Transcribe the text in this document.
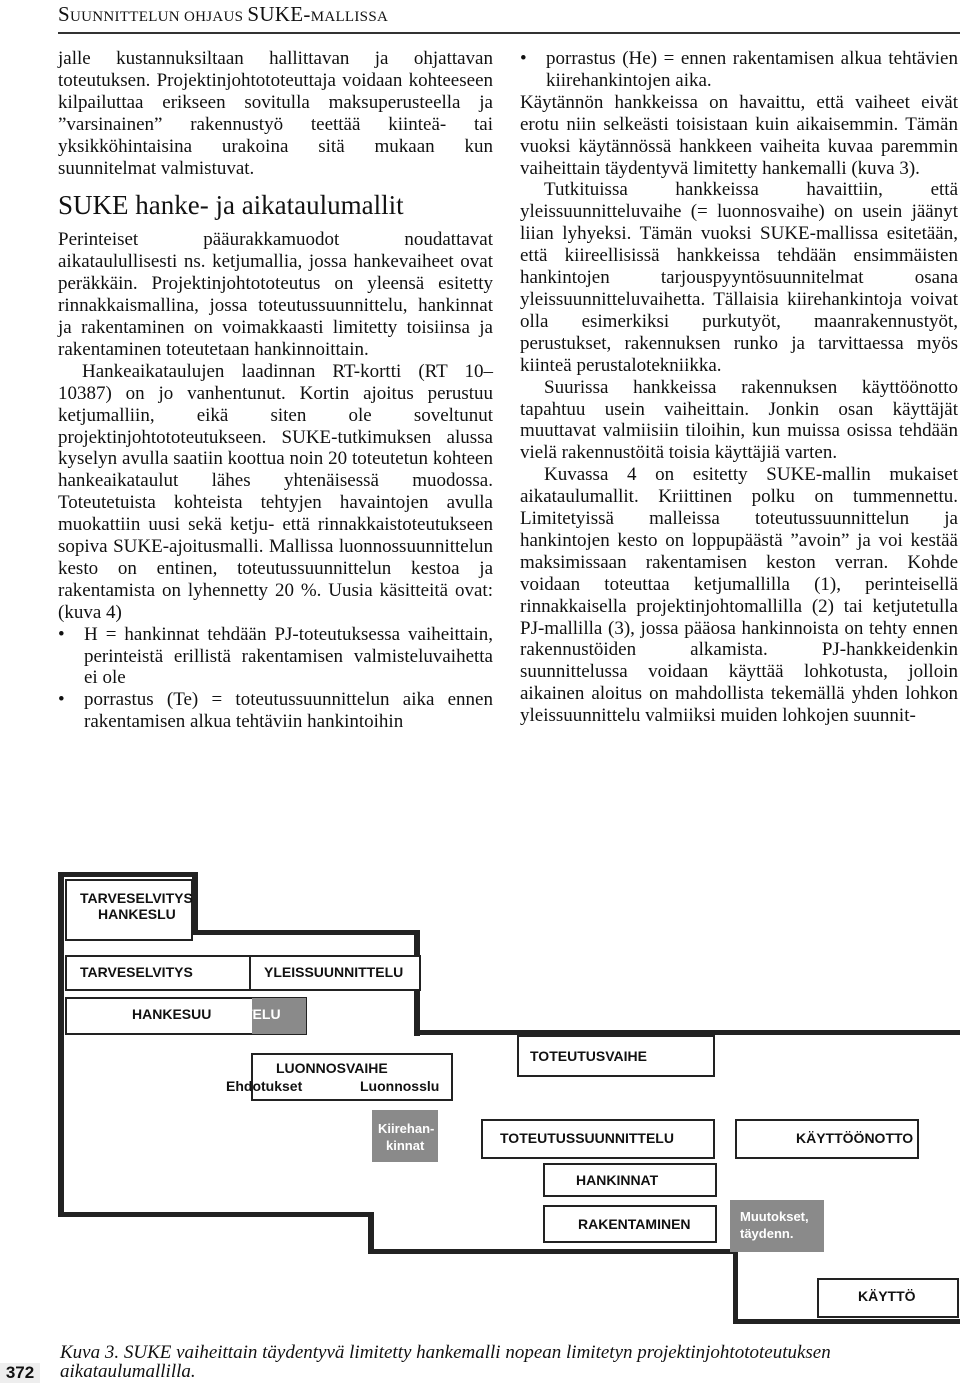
SUUNNITTELUN OHJAUS SUKE-MALLISSA

jalle kustannuksiltaan hallittavan ja ohjattavan toteutuksen. Projektinjohtototeuttaja voidaan kohteeseen kilpailuttaa erikseen sovitulla maksuperusteella ja ”varsinainen” rakennustyö teettää kiinteä- tai yksikköhintaisina urakoina sitä mukaan kun suunnitelmat valmistuvat.

SUKE hanke- ja aikataulumallit

Perinteiset pääurakkamuodot noudattavat aikataulullisesti ns. ketjumallia, jossa hankevaiheet ovat peräkkäin. Projektinjohtototeutus on yleensä esitetty rinnakkaismallina, jossa toteutussuunnittelu, hankinnat ja rakentaminen on voimakkaasti limitetty toisiinsa ja rakentaminen toteutetaan hankinnoittain.

Hankeaikataulujen laadinnan RT-kortti (RT 10–10387) on jo vanhentunut. Kortin ajoitus perustuu ketjumalliin, eikä siten ole soveltunut projektinjohtototeutukseen. SUKE-tutkimuksen alussa kyselyn avulla saatiin koottua noin 20 toteutetun kohteen hankeaikataulut lähes yhtenäisessä muodossa. Toteutetuista kohteista tehtyjen havaintojen avulla muokattiin uusi sekä ketju- että rinnakkaistoteutukseen sopiva SUKE-ajoitusmalli. Mallissa luonnossuunnittelun kesto on entinen, toteutussuunnittelun kestoa ja rakentamista on lyhennetty 20 %. Uusia käsitteitä ovat: (kuva 4)

• H = hankinnat tehdään PJ-toteutuksessa vaiheittain, perinteistä erillistä rakentamisen valmisteluvaihetta ei ole
• porrastus (Te) = toteutussuunnittelun aika ennen rakentamisen alkua tehtäviin hankintoihin
• porrastus (He) = ennen rakentamisen alkua tehtävien kiirehankintojen aika.

Käytännön hankkeissa on havaittu, että vaiheet eivät erotu niin selkeästi toisistaan kuin aikaisemmin. Tämän vuoksi käytännössä hankkeen vaiheita kuvaa paremmin vaiheittain täydentyvä limitetty hankemalli (kuva 3).

Tutkituissa hankkeissa havaittiin, että yleissuunnitteluvaihe (= luonnosvaihe) on usein jäänyt liian lyhyeksi. Tämän vuoksi SUKE-mallissa esitetään, että kiireellisissä hankkeissa tehdään ensimmäisten hankintojen tarjouspyyntösuunnitelmat osana yleissuunnitteluvaihetta. Tällaisia kiirehankintoja voivat olla esimerkiksi purkutyöt, maanrakennustyöt, perustukset, rakennuksen runko ja tarvittaessa myös kiinteä perustalotekniikka.

Suurissa hankkeissa rakennuksen käyttöönotto tapahtuu usein vaiheittain. Jonkin osan käyttäjät muuttavat valmiisiin tiloihin, kun muissa osissa tehdään vielä rakennustöitä toisia käyttäjiä varten.

Kuvassa 4 on esitetty SUKE-mallin mukaiset aikataulumallit. Kriittinen polku on tummennettu. Limitetyissä malleissa toteutussuunnittelun ja hankintojen kesto on loppupäästä ”avoin” ja voi kestää maksimissaan rakentamisen keston verran. Kohde voidaan toteuttaa ketjumallilla (1), perinteisellä rinnakkaisella projektinjohtomallilla (2) tai ketjutetulla PJ-mallilla (3), jossa pääosa hankinnoista on tehty ennen rakennustöiden alkamista. PJ-hankkeidenkin suunnittelussa voidaan käyttää lohkotusta, jolloin aikainen aloitus on mahdollista tekemällä yhden lohkon yleissuunnittelu valmiiksi muiden lohkojen suunnit-

TARVESELVITYS
HANKESLU
TARVESELVITYS	YLEISSUUNNITTELU
HANKESUUNNITTELU
LUONNOSVAIHE
Ehdotukset	Luonnosslu
TOTEUTUSVAIHE
Kiirehan-
kinnat	TOTEUTUSSUUNNITTELU	KÄYTTÖÖNOTTO
HANKINNAT
RAKENTAMINEN	Muutokset,
täydenn.
KÄYTTÖ
Kuva 3. SUKE vaiheittain täydentyvä limitetty hankemalli nopean limitetyn projektinjohtototeutuksen aikataulumallilla.
372
